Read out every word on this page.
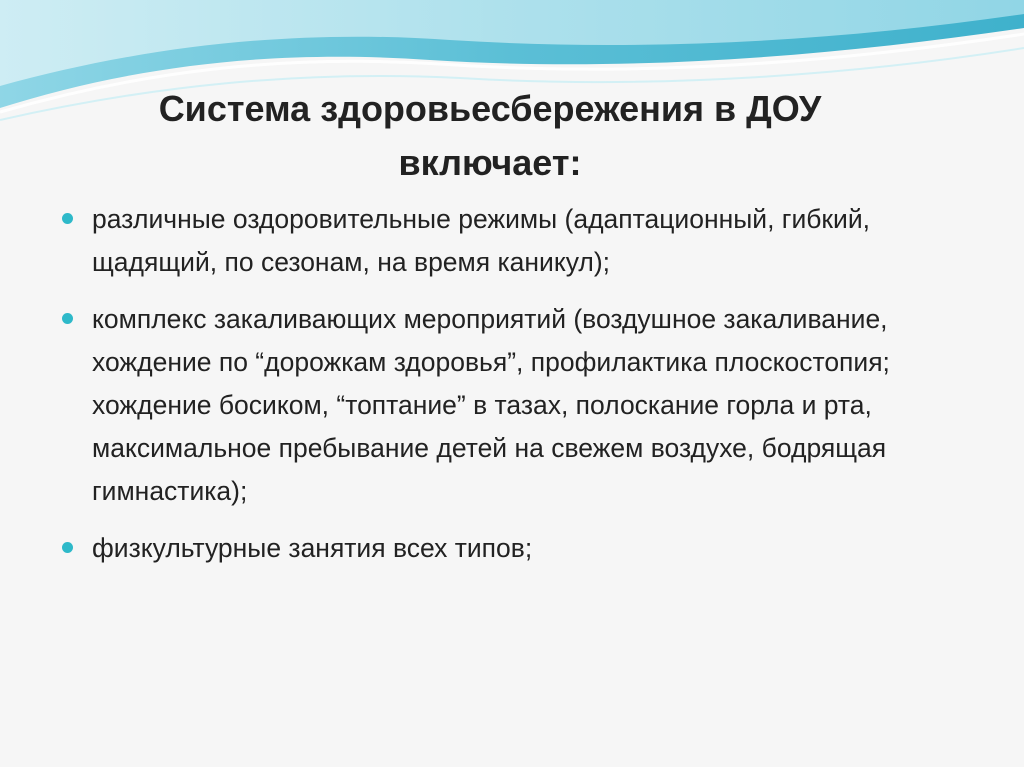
Система здоровьесбережения в ДОУ включает:
различные оздоровительные режимы (адаптационный, гибкий, щадящий, по сезонам, на время каникул);
комплекс закаливающих мероприятий (воздушное закаливание, хождение по “дорожкам здоровья”, профилактика плоскостопия; хождение босиком, “топтание” в тазах, полоскание горла и рта, максимальное пребывание детей на свежем воздухе, бодрящая гимнастика);
физкультурные занятия всех типов;
